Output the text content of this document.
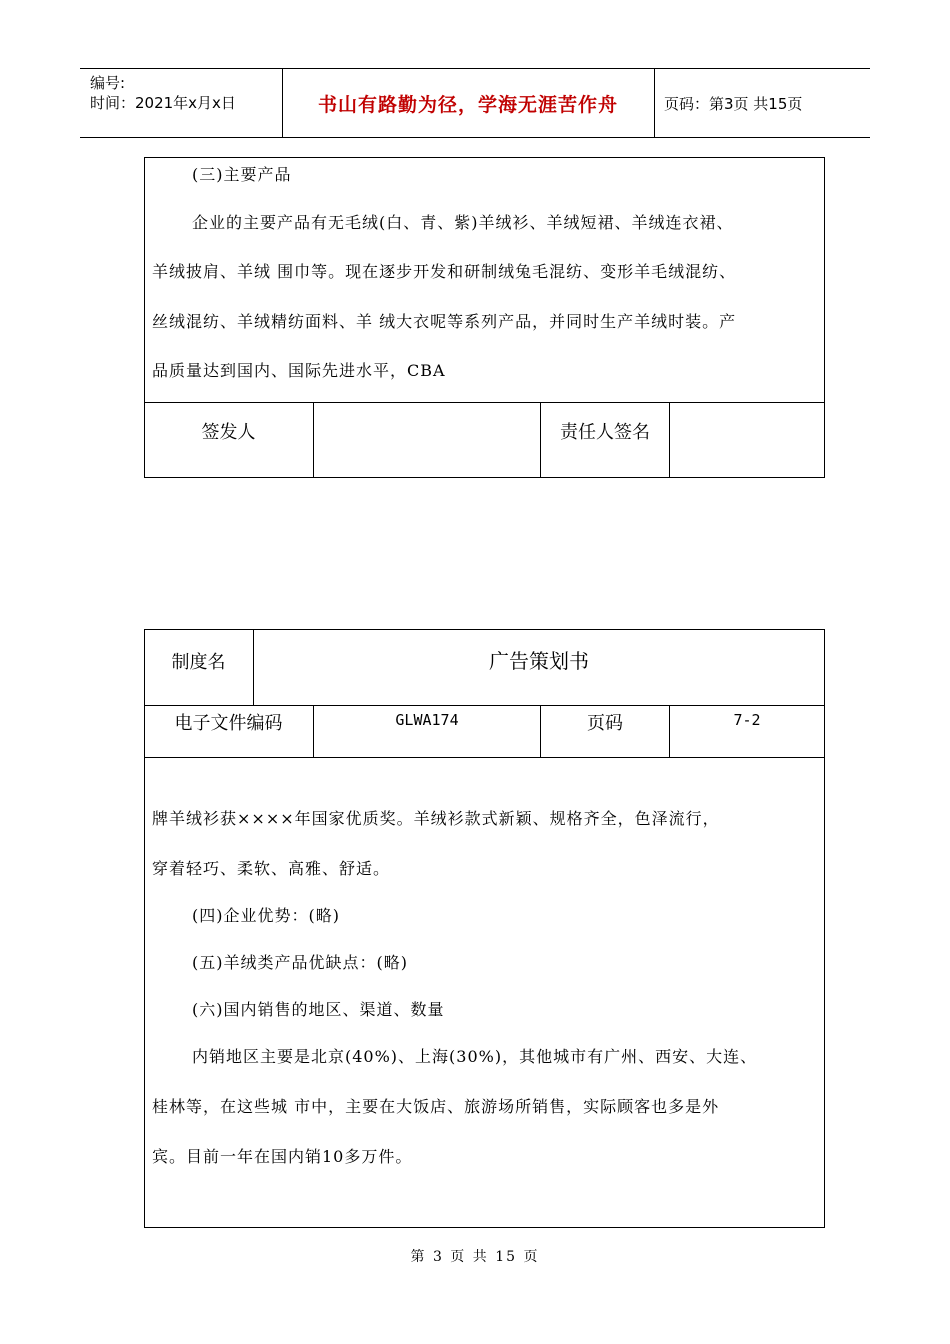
编号:
时间：2021年x月x日	书山有路勤为径，学海无涯苦作舟	页码：第3页 共15页
(三)主要产品
企业的主要产品有无毛绒(白、青、紫)羊绒衫、羊绒短裙、羊绒连衣裙、
羊绒披肩、羊绒 围巾等。现在逐步开发和研制绒兔毛混纺、变形羊毛绒混纺、
丝绒混纺、羊绒精纺面料、羊 绒大衣呢等系列产品，并同时生产羊绒时装。产
品质量达到国内、国际先进水平，CBA
签发人	责任人签名
制度名	广告策划书
电子文件编码	GLWA174	页码	7-2
牌羊绒衫获××××年国家优质奖。羊绒衫款式新颖、规格齐全，色泽流行，
穿着轻巧、柔软、高雅、舒适。
(四)企业优势：(略)
(五)羊绒类产品优缺点：(略)
(六)国内销售的地区、渠道、数量
内销地区主要是北京(40%)、上海(30%)，其他城市有广州、西安、大连、
桂林等，在这些城 市中，主要在大饭店、旅游场所销售，实际顾客也多是外
宾。目前一年在国内销10多万件。
第 3 页 共 15 页
